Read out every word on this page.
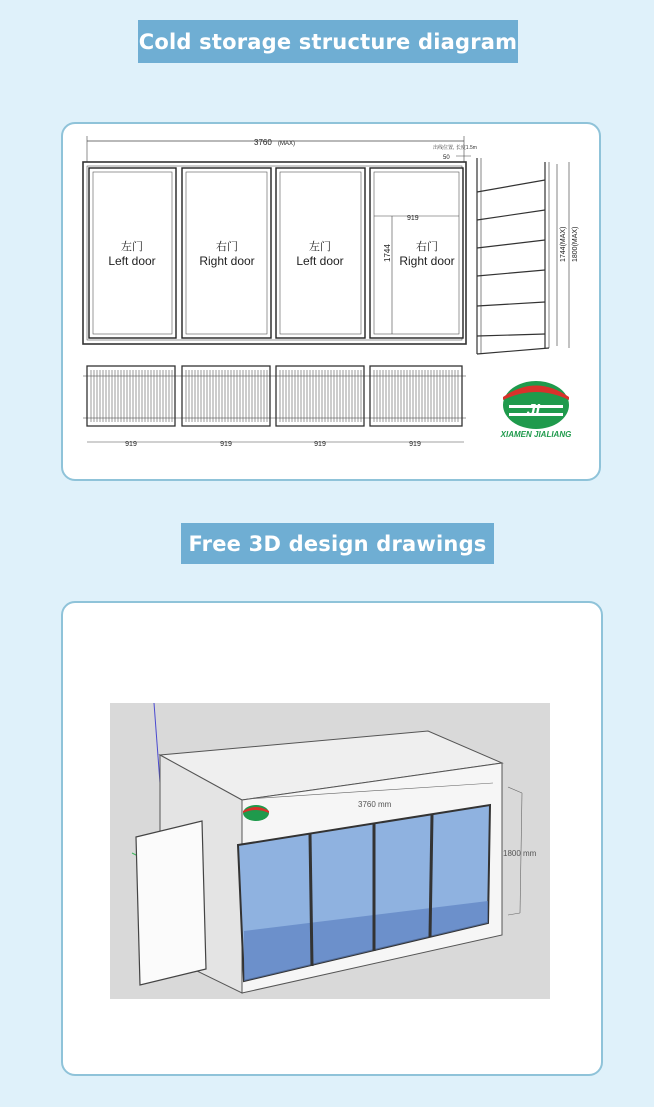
Cold storage structure diagram
3760 (MAX)
出线位置, 长度1.5m
50
左门
Left door
右门
Right door
左门
Left door
右门
Right door
919
1744	1744(MAX) 1800(MAX)
919	919	919	919
JL
XIAMEN JIALIANG
Free 3D design drawings
3760 mm
1800 mm
